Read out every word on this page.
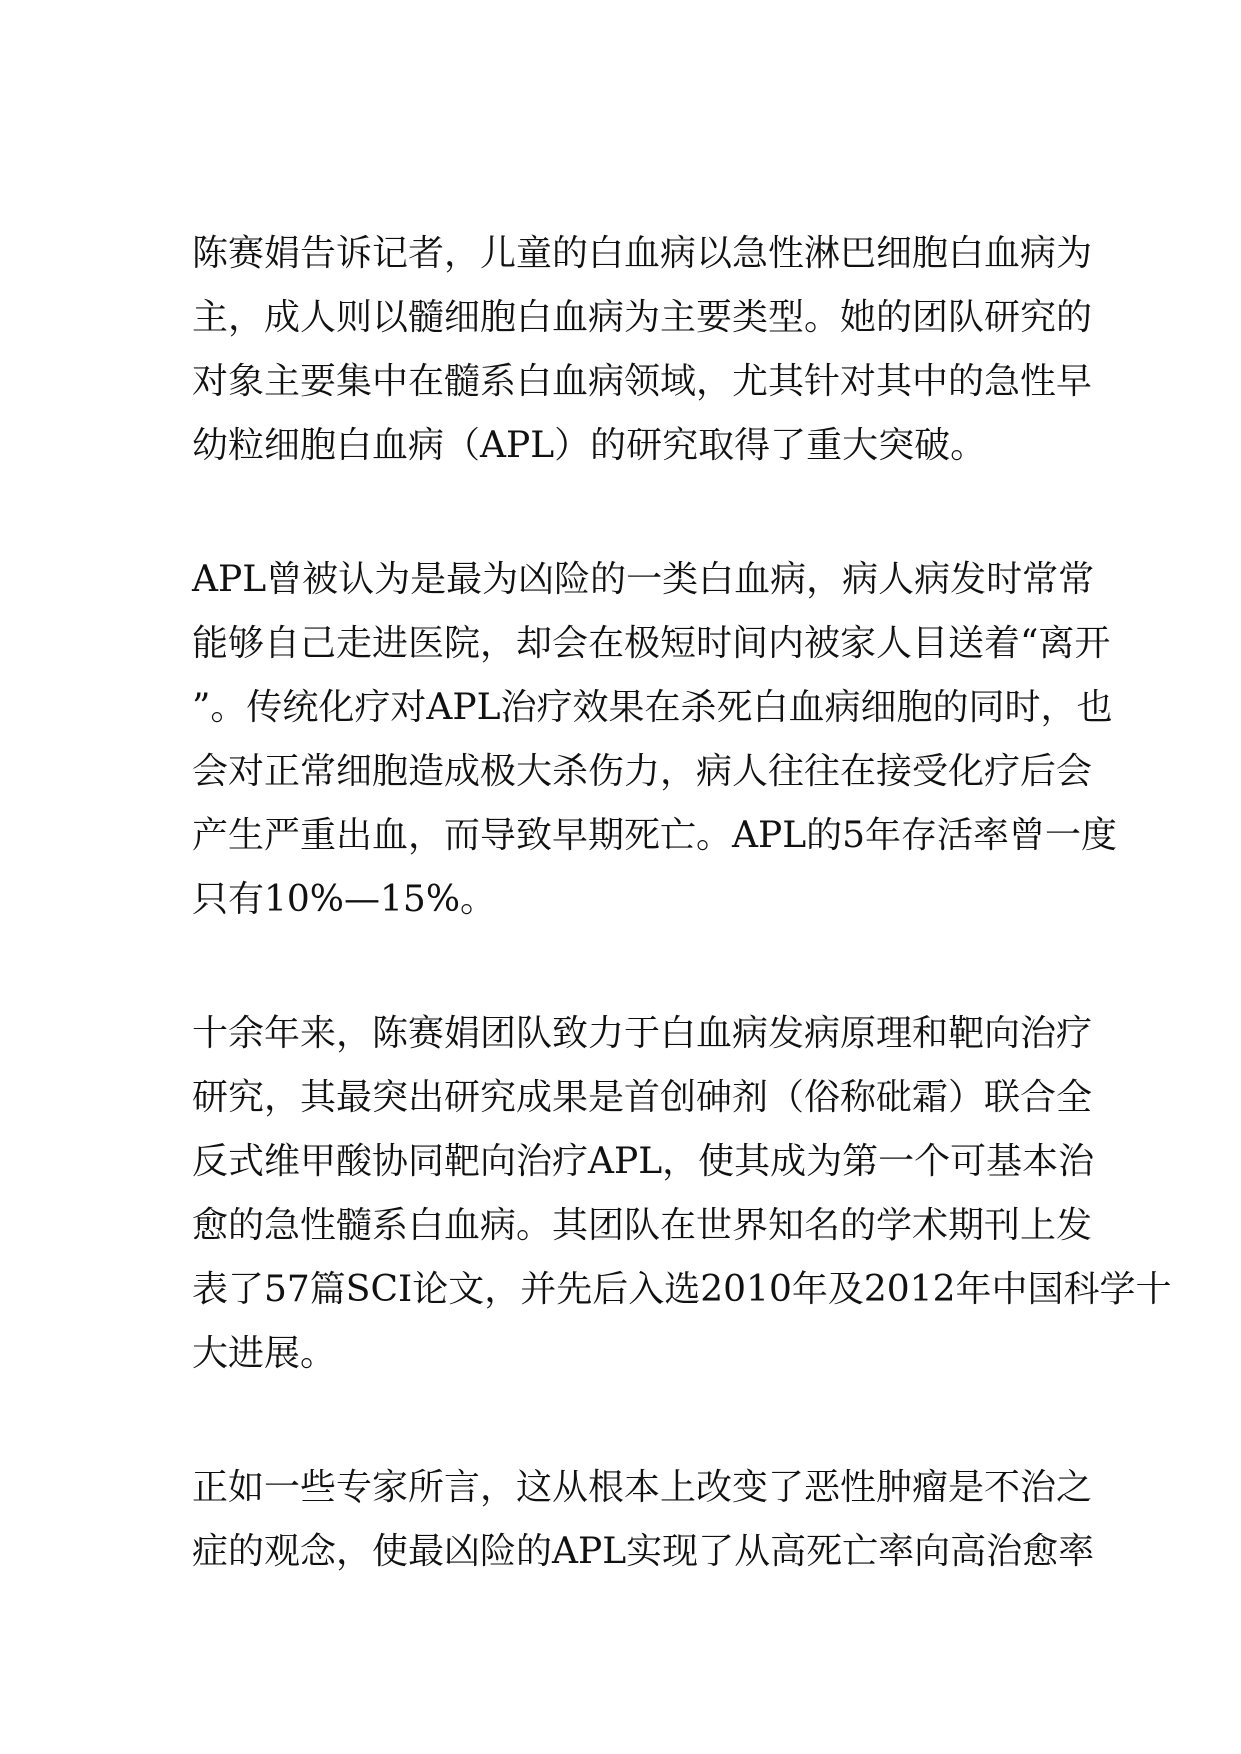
陈赛娟告诉记者，儿童的白血病以急性淋巴细胞白血病为
主，成人则以髓细胞白血病为主要类型。她的团队研究的
对象主要集中在髓系白血病领域，尤其针对其中的急性早
幼粒细胞白血病（APL）的研究取得了重大突破。

APL曾被认为是最为凶险的一类白血病，病人病发时常常
能够自己走进医院，却会在极短时间内被家人目送着“离开
”。传统化疗对APL治疗效果在杀死白血病细胞的同时，也
会对正常细胞造成极大杀伤力，病人往往在接受化疗后会
产生严重出血，而导致早期死亡。APL的5年存活率曾一度
只有10%—15%。

十余年来，陈赛娟团队致力于白血病发病原理和靶向治疗
研究，其最突出研究成果是首创砷剂（俗称砒霜）联合全
反式维甲酸协同靶向治疗APL，使其成为第一个可基本治
愈的急性髓系白血病。其团队在世界知名的学术期刊上发
表了57篇SCI论文，并先后入选2010年及2012年中国科学十
大进展。

正如一些专家所言，这从根本上改变了恶性肿瘤是不治之
症的观念，使最凶险的APL实现了从高死亡率向高治愈率
